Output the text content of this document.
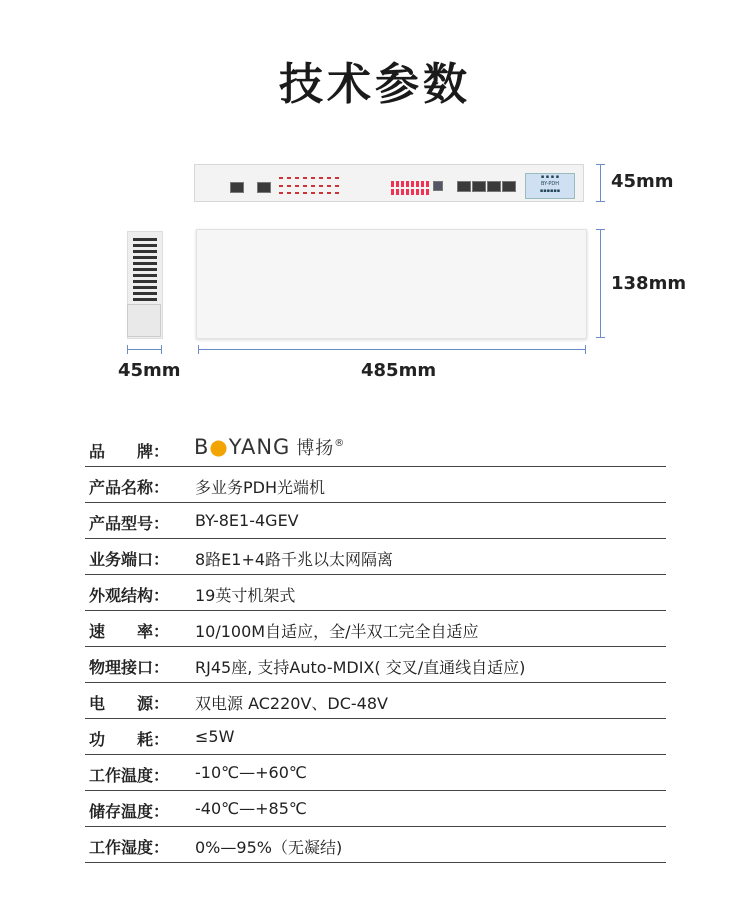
技术参数
▪ ▪ ▪ ▪
BY-PDH
▪▪▪▪▪▪	45mm
138mm
45mm	485mm
品 牌：	B●YANG 博扬®
产品名称：	多业务PDH光端机
产品型号：	BY-8E1-4GEV
业务端口：	8路E1+4路千兆以太网隔离
外观结构：	19英寸机架式
速 率：	10/100M自适应，全/半双工完全自适应
物理接口：	RJ45座, 支持Auto-MDIX( 交叉/直通线自适应)
电 源：	双电源 AC220V、DC-48V
功 耗：	≤5W
工作温度：	-10℃—+60℃
储存温度：	-40℃—+85℃
工作湿度：	0%—95%（无凝结)
